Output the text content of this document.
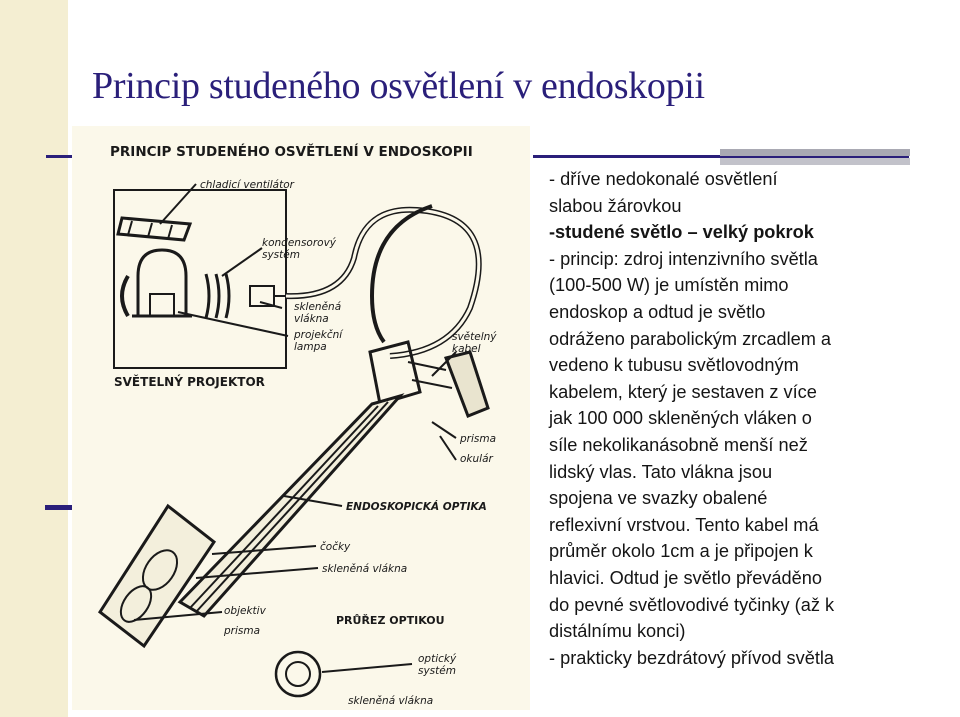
Princip studeného osvětlení v endoskopii
PRINCIP STUDENÉHO OSVĚTLENÍ V ENDOSKOPII
chladicí ventilátor
kondensorový
systém
skleněná
vlákna
projekční
lampa
SVĚTELNÝ PROJEKTOR
světelný
kabel
prisma
okulár
ENDOSKOPICKÁ OPTIKA
čočky
skleněná vlákna
objektiv
prisma
PRŮŘEZ OPTIKOU
optický
systém
skleněná vlákna
- dříve nedokonalé osvětlení
slabou žárovkou
-studené světlo – velký pokrok
- princip: zdroj intenzivního světla
(100-500 W) je umístěn mimo
endoskop a odtud je světlo
odráženo parabolickým zrcadlem a
vedeno k tubusu světlovodným
kabelem, který je sestaven z více
jak 100 000 skleněných vláken o
síle nekolikanásobně menší než
lidský vlas. Tato vlákna jsou
spojena ve svazky obalené
reflexivní vrstvou. Tento kabel má
průměr okolo 1cm a je připojen k
hlavici. Odtud je světlo převáděno
do pevné světlovodivé tyčinky (až k
distálnímu konci)
- prakticky bezdrátový přívod světla
